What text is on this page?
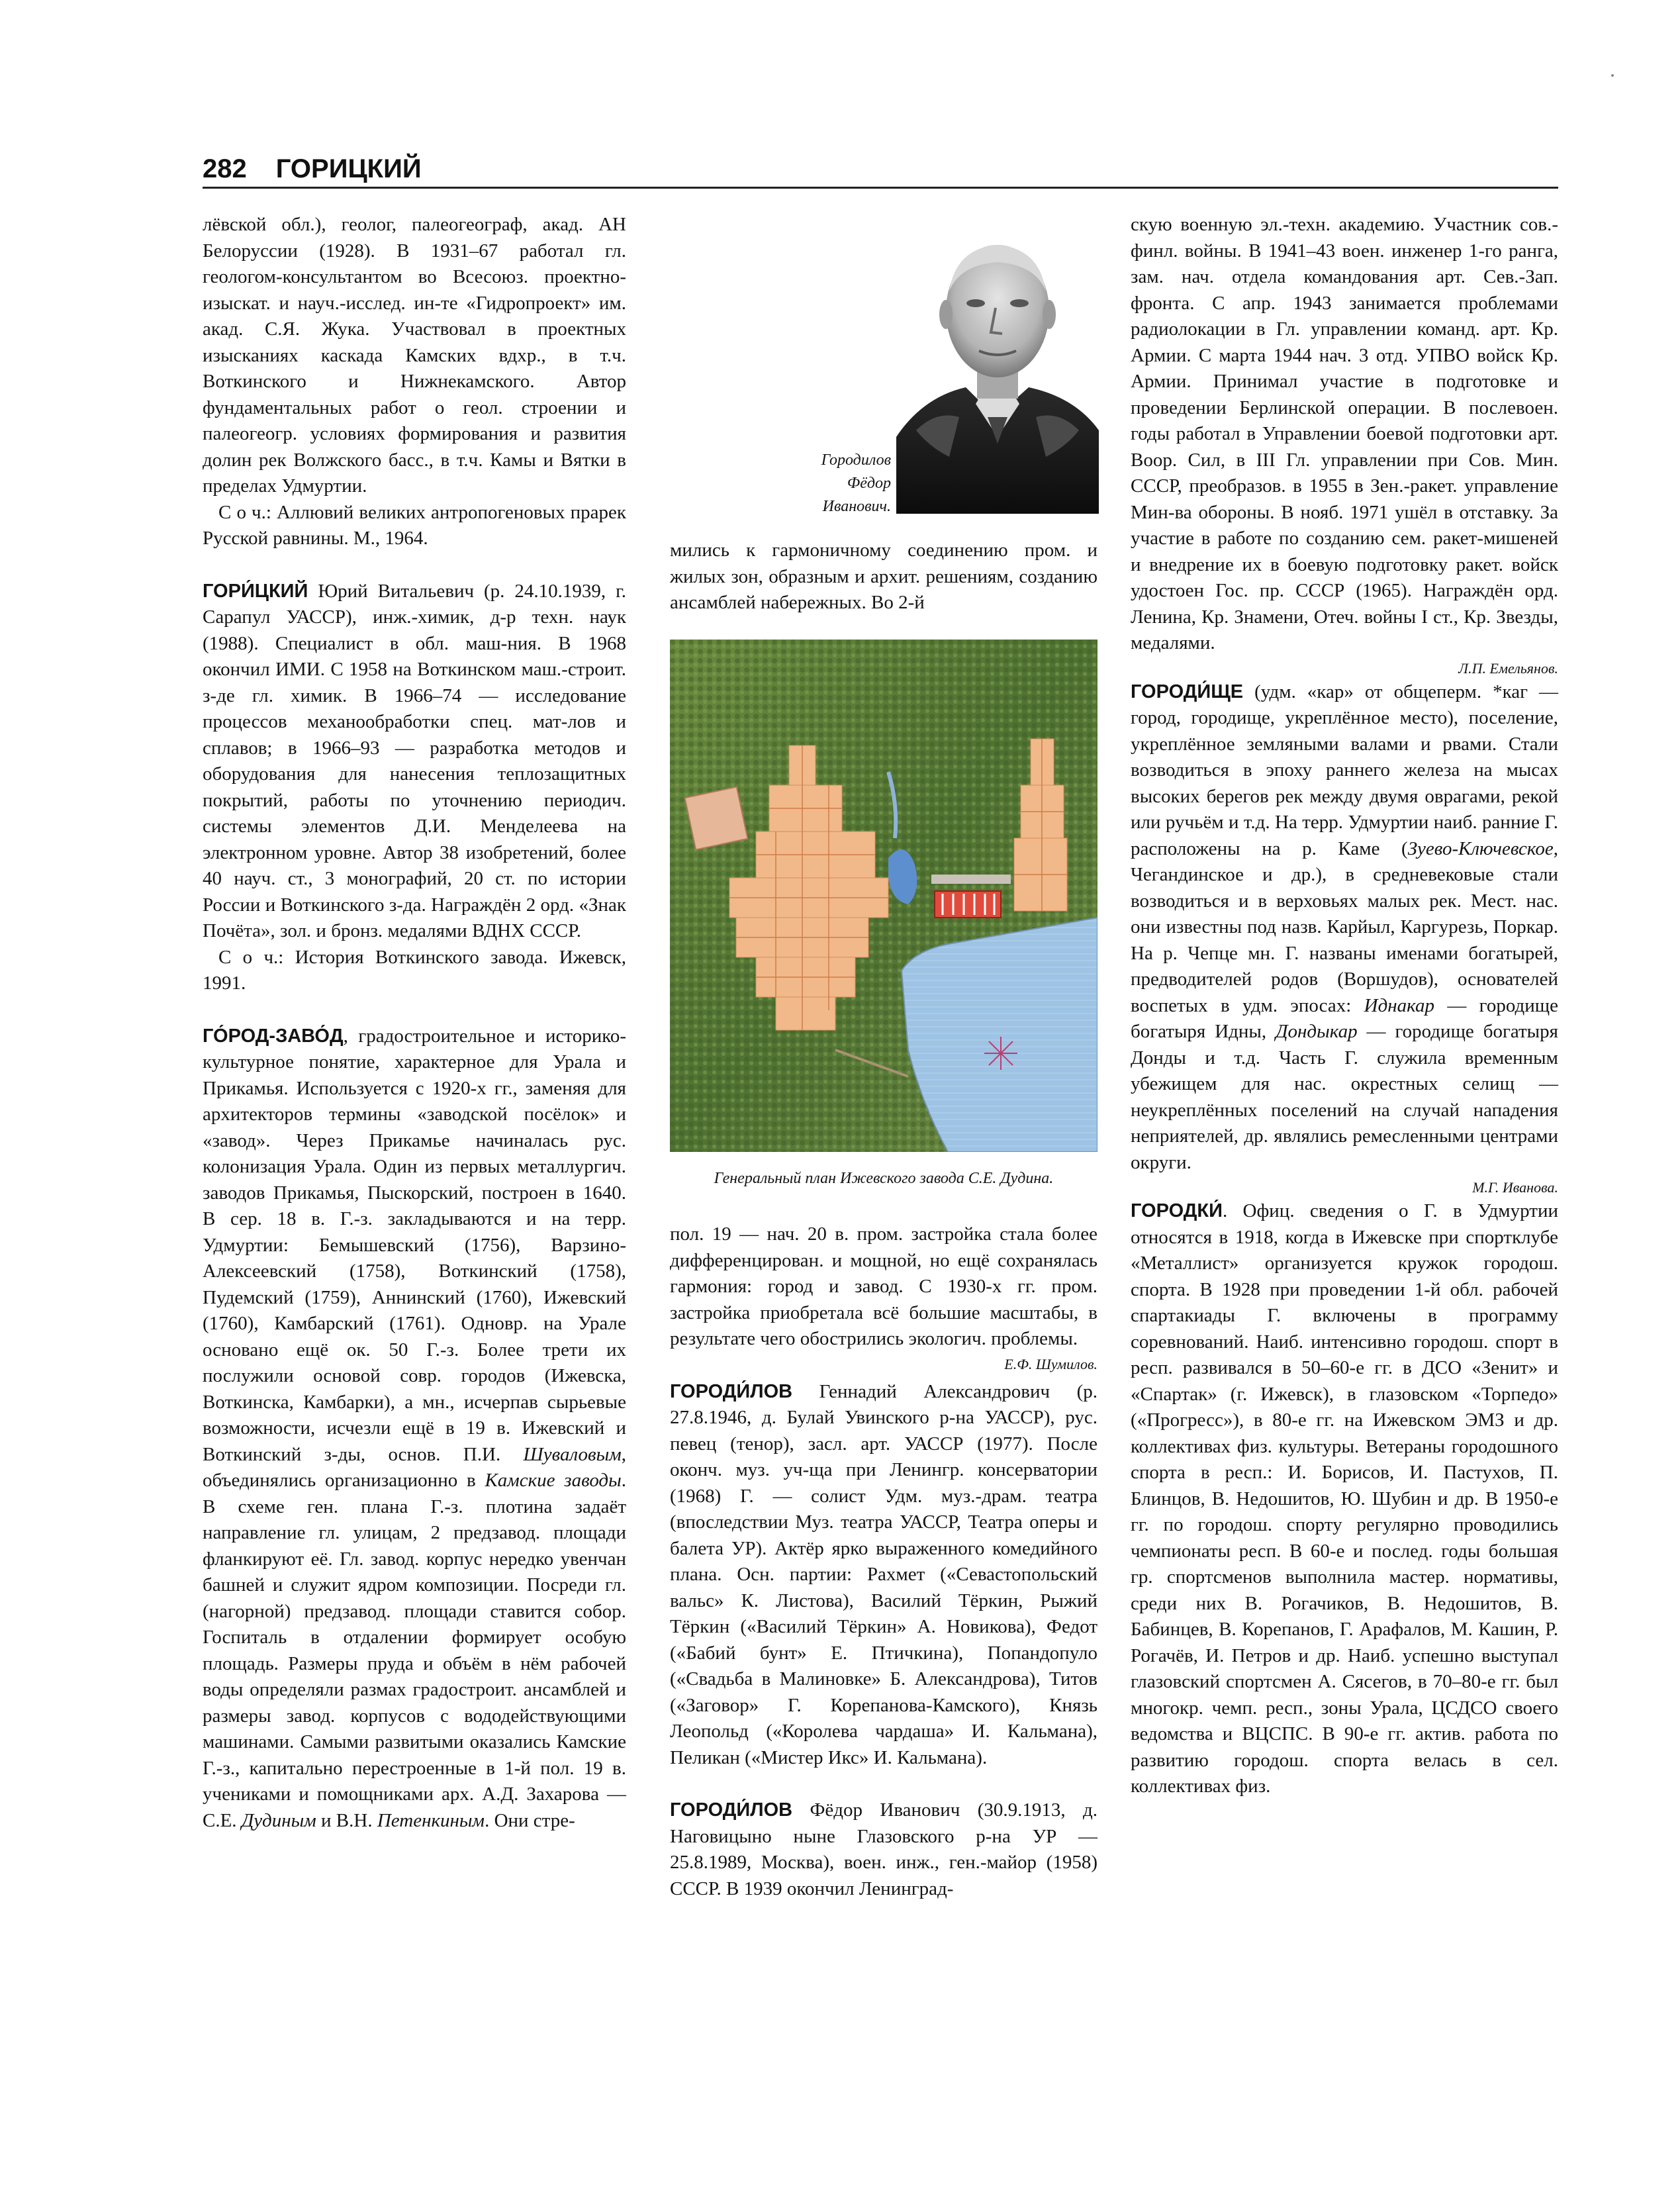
282 ГОРИЦКИЙ

лёвской обл.), геолог, палеогеограф, акад. АН Белоруссии (1928). В 1931–67 работал гл. геологом-консультантом во Всесоюз. проектно-изыскат. и науч.-исслед. ин-те «Гидропроект» им. акад. С.Я. Жука. Участвовал в проектных изысканиях каскада Камских вдхр., в т.ч. Воткинского и Нижнекамского. Автор фундаментальных работ о геол. строении и палеогеогр. условиях формирования и развития долин рек Волжского басс., в т.ч. Камы и Вятки в пределах Удмуртии.

С о ч.: Аллювий великих антропогеновых прарек Русской равнины. М., 1964.

ГОРИ́ЦКИЙ Юрий Витальевич (р. 24.10.1939, г. Сарапул УАССР), инж.-химик, д-р техн. наук (1988). Специалист в обл. маш-ния. В 1968 окончил ИМИ. С 1958 на Воткинском маш.-строит. з-де гл. химик. В 1966–74 — исследование процессов механообработки спец. мат-лов и сплавов; в 1966–93 — разработка методов и оборудования для нанесения теплозащитных покрытий, работы по уточнению периодич. системы элементов Д.И. Менделеева на электронном уровне. Автор 38 изобретений, более 40 науч. ст., 3 монографий, 20 ст. по истории России и Воткинского з-да. Награждён 2 орд. «Знак Почёта», зол. и бронз. медалями ВДНХ СССР.

С о ч.: История Воткинского завода. Ижевск, 1991.

ГО́РОД-ЗАВО́Д, градостроительное и историко-культурное понятие, характерное для Урала и Прикамья. Используется с 1920-х гг., заменяя для архитекторов термины «заводской посёлок» и «завод». Через Прикамье начиналась рус. колонизация Урала. Один из первых металлургич. заводов Прикамья, Пыскорский, построен в 1640. В сер. 18 в. Г.-з. закладываются и на терр. Удмуртии: Бемышевский (1756), Варзино-Алексеевский (1758), Воткинский (1758), Пудемский (1759), Аннинский (1760), Ижевский (1760), Камбарский (1761). Одновр. на Урале основано ещё ок. 50 Г.-з. Более трети их послужили основой совр. городов (Ижевска, Воткинска, Камбарки), а мн., исчерпав сырьевые возможности, исчезли ещё в 19 в. Ижевский и Воткинский з-ды, основ. П.И. Шуваловым, объединялись организационно в Камские заводы. В схеме ген. плана Г.-з. плотина задаёт направление гл. улицам, 2 предзавод. площади фланкируют её. Гл. завод. корпус нередко увенчан башней и служит ядром композиции. Посреди гл. (нагорной) предзавод. площади ставится собор. Госпиталь в отдалении формирует особую площадь. Размеры пруда и объём в нём рабочей воды определяли размах градостроит. ансамблей и размеры завод. корпусов с вододействующими машинами. Самыми развитыми оказались Камские Г.-з., капитально перестроенные в 1-й пол. 19 в. учениками и помощниками арх. А.Д. Захарова — С.Е. Дудиным и В.Н. Петенкиным. Они стре-

Городилов
Фёдор
Иванович.

мились к гармоничному соединению пром. и жилых зон, образным и архит. решениям, созданию ансамблей набережных. Во 2-й

Генеральный план Ижевского завода С.Е. Дудина.

пол. 19 — нач. 20 в. пром. застройка стала более дифференцирован. и мощной, но ещё сохранялась гармония: город и завод. С 1930-х гг. пром. застройка приобретала всё большие масштабы, в результате чего обострились экологич. проблемы.

Е.Ф. Шумилов.

ГОРОДИ́ЛОВ Геннадий Александрович (р. 27.8.1946, д. Булай Увинского р-на УАССР), рус. певец (тенор), засл. арт. УАССР (1977). После оконч. муз. уч-ща при Ленингр. консерватории (1968) Г. — солист Удм. муз.-драм. театра (впоследствии Муз. театра УАССР, Театра оперы и балета УР). Актёр ярко выраженного комедийного плана. Осн. партии: Рахмет («Севастопольский вальс» К. Листова), Василий Тёркин, Рыжий Тёркин («Василий Тёркин» А. Новикова), Федот («Бабий бунт» Е. Птичкина), Попандопуло («Свадьба в Малиновке» Б. Александрова), Титов («Заговор» Г. Корепанова-Камского), Князь Леопольд («Королева чардаша» И. Кальмана), Пеликан («Мистер Икс» И. Кальмана).

ГОРОДИ́ЛОВ Фёдор Иванович (30.9.1913, д. Наговицыно ныне Глазовского р-на УР — 25.8.1989, Москва), воен. инж., ген.-майор (1958) СССР. В 1939 окончил Ленинград-

скую военную эл.-техн. академию. Участник сов.-финл. войны. В 1941–43 воен. инженер 1-го ранга, зам. нач. отдела командования арт. Сев.-Зап. фронта. С апр. 1943 занимается проблемами радиолокации в Гл. управлении команд. арт. Кр. Армии. С марта 1944 нач. 3 отд. УПВО войск Кр. Армии. Принимал участие в подготовке и проведении Берлинской операции. В послевоен. годы работал в Управлении боевой подготовки арт. Воор. Сил, в III Гл. управлении при Сов. Мин. СССР, преобразов. в 1955 в Зен.-ракет. управление Мин-ва обороны. В нояб. 1971 ушёл в отставку. За участие в работе по созданию сем. ракет-мишеней и внедрение их в боевую подготовку ракет. войск удостоен Гос. пр. СССР (1965). Награждён орд. Ленина, Кр. Знамени, Отеч. войны I ст., Кр. Звезды, медалями.

Л.П. Емельянов.

ГОРОДИ́ЩЕ (удм. «кар» от общеперм. *каг — город, городище, укреплённое место), поселение, укреплённое земляными валами и рвами. Стали возводиться в эпоху раннего железа на мысах высоких берегов рек между двумя оврагами, рекой или ручьём и т.д. На терр. Удмуртии наиб. ранние Г. расположены на р. Каме (Зуево-Ключевское, Чегандинское и др.), в средневековые стали возводиться и в верховьях малых рек. Мест. нас. они известны под назв. Карйыл, Каргурезь, Поркар. На р. Чепце мн. Г. названы именами богатырей, предводителей родов (Воршудов), основателей воспетых в удм. эпосах: Иднакар — городище богатыря Идны, Дондыкар — городище богатыря Донды и т.д. Часть Г. служила временным убежищем для нас. окрестных селищ — неукреплённых поселений на случай нападения неприятелей, др. являлись ремесленными центрами округи.

М.Г. Иванова.

ГОРОДКИ́. Офиц. сведения о Г. в Удмуртии относятся в 1918, когда в Ижевске при спортклубе «Металлист» организуется кружок городош. спорта. В 1928 при проведении 1-й обл. рабочей спартакиады Г. включены в программу соревнований. Наиб. интенсивно городош. спорт в респ. развивался в 50–60-е гг. в ДСО «Зенит» и «Спартак» (г. Ижевск), в глазовском «Торпедо» («Прогресс»), в 80-е гг. на Ижевском ЭМЗ и др. коллективах физ. культуры. Ветераны городошного спорта в респ.: И. Борисов, И. Пастухов, П. Блинцов, В. Недошитов, Ю. Шубин и др. В 1950-е гг. по городош. спорту регулярно проводились чемпионаты респ. В 60-е и послед. годы большая гр. спортсменов выполнила мастер. нормативы, среди них В. Рогачиков, В. Недошитов, В. Бабинцев, В. Корепанов, Г. Арафалов, М. Кашин, Р. Рогачёв, И. Петров и др. Наиб. успешно выступал глазовский спортсмен А. Сясегов, в 70–80-е гг. был многокр. чемп. респ., зоны Урала, ЦСДСО своего ведомства и ВЦСПС. В 90-е гг. актив. работа по развитию городош. спорта велась в сел. коллективах физ.
